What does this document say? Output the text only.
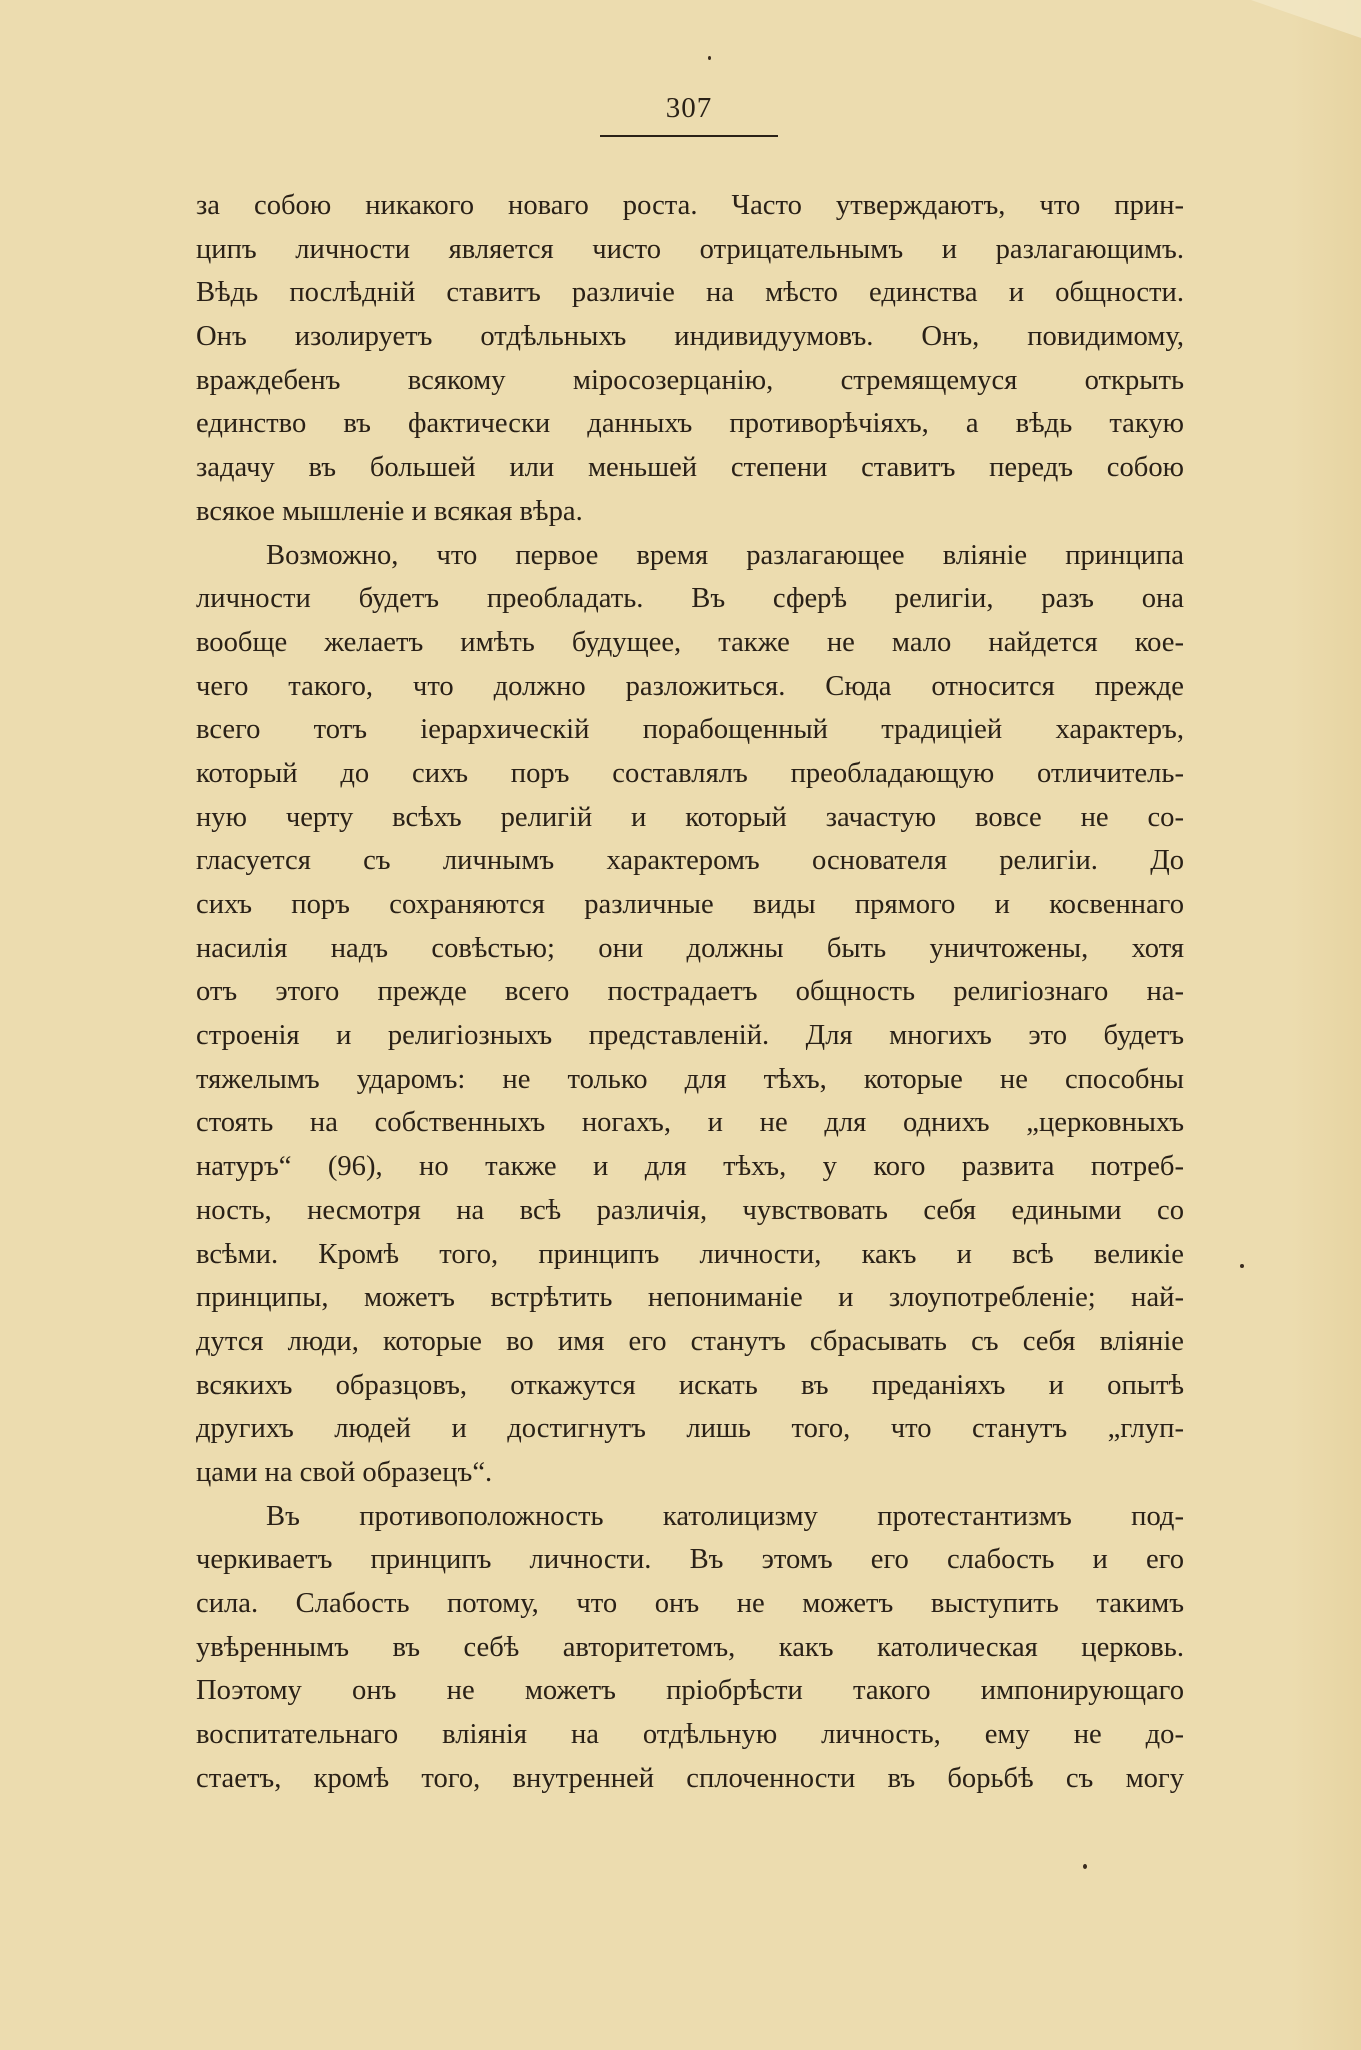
307
за собою никакого новаго роста. Часто утверждаютъ, что прин-
ципъ личности является чисто отрицательнымъ и разлагающимъ.
Вѣдь послѣднiй ставитъ различiе на мѣсто единства и общности.
Онъ изолируетъ отдѣльныхъ индивидуумовъ. Онъ, повидимому,
враждебенъ всякому мiросозерцанiю, стремящемуся открыть
единство въ фактически данныхъ противорѣчiяхъ, а вѣдь такую
задачу въ большей или меньшей степени ставитъ передъ собою
всякое мышленiе и всякая вѣра.
Возможно, что первое время разлагающее влiянiе принципа
личности будетъ преобладать. Въ сферѣ религiи, разъ она
вообще желаетъ имѣть будущее, также не мало найдется кое-
чего такого, что должно разложиться. Сюда относится прежде
всего тотъ iерархическiй порабощенный традицiей характеръ,
который до сихъ поръ составлялъ преобладающую отличитель-
ную черту всѣхъ религiй и который зачастую вовсе не со-
гласуется съ личнымъ характеромъ основателя религiи. До
сихъ поръ сохраняются различные виды прямого и косвеннаго
насилiя надъ совѣстью; они должны быть уничтожены, хотя
отъ этого прежде всего пострадаетъ общность религiознаго на-
строенiя и религiозныхъ представленiй. Для многихъ это будетъ
тяжелымъ ударомъ: не только для тѣхъ, которые не способны
стоять на собственныхъ ногахъ, и не для однихъ „церковныхъ
натуръ“ (96), но также и для тѣхъ, у кого развита потреб-
ность, несмотря на всѣ различiя, чувствовать себя едиными со
всѣми. Кромѣ того, принципъ личности, какъ и всѣ великiе
принципы, можетъ встрѣтить непониманiе и злоупотребленiе; най-
дутся люди, которые во имя его станутъ сбрасывать съ себя влiянiе
всякихъ образцовъ, откажутся искать въ преданiяхъ и опытѣ
другихъ людей и достигнутъ лишь того, что станутъ „глуп-
цами на свой образецъ“.
Въ противоположность католицизму протестантизмъ под-
черкиваетъ принципъ личности. Въ этомъ его слабость и его
сила. Слабость потому, что онъ не можетъ выступить такимъ
увѣреннымъ въ себѣ авторитетомъ, какъ католическая церковь.
Поэтому онъ не можетъ прiобрѣсти такого импонирующаго
воспитательнаго влiянiя на отдѣльную личность, ему не до-
стаетъ, кромѣ того, внутренней сплоченности въ борьбѣ съ могу
